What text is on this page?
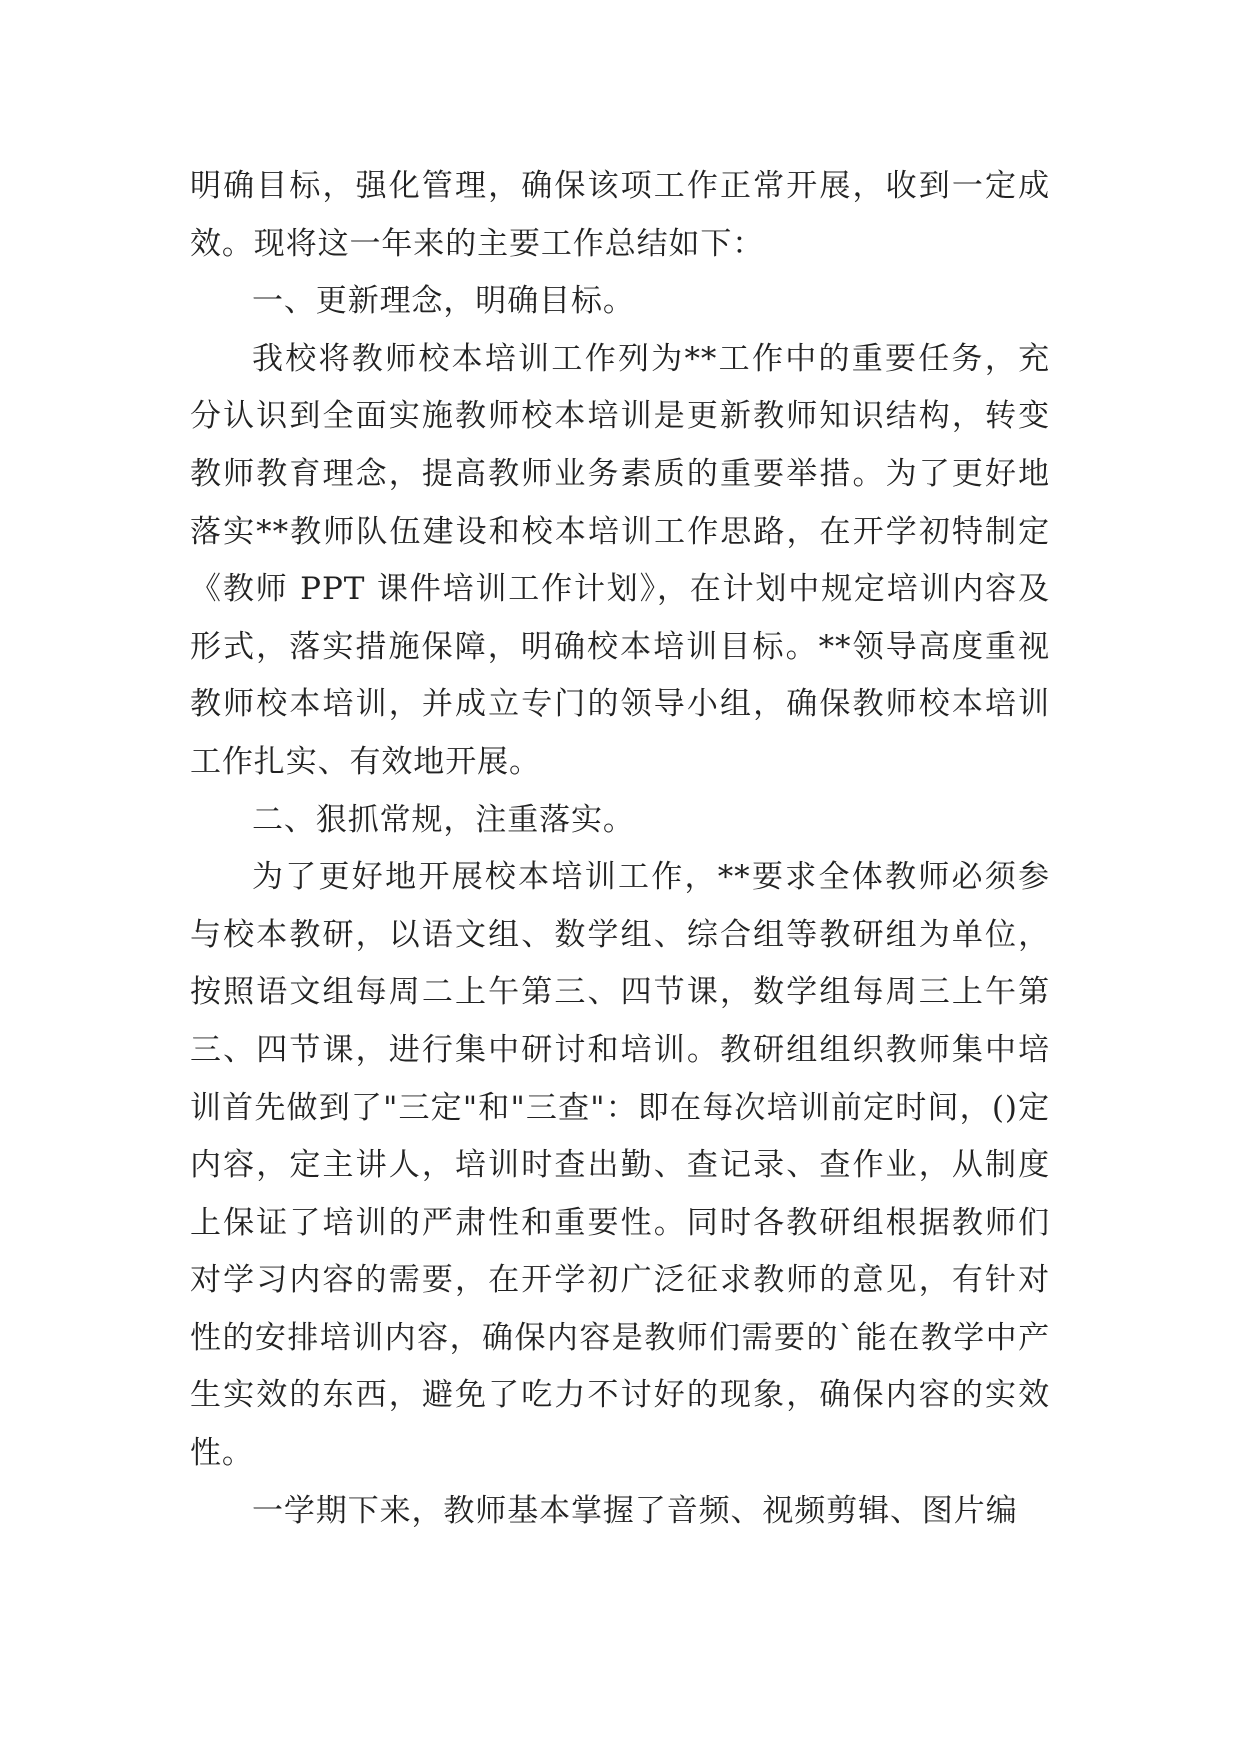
明确目标，强化管理，确保该项工作正常开展，收到一定成效。现将这一年来的主要工作总结如下：

一、更新理念，明确目标。

我校将教师校本培训工作列为**工作中的重要任务，充分认识到全面实施教师校本培训是更新教师知识结构，转变教师教育理念，提高教师业务素质的重要举措。为了更好地落实**教师队伍建设和校本培训工作思路，在开学初特制定《教师 PPT 课件培训工作计划》，在计划中规定培训内容及形式，落实措施保障，明确校本培训目标。**领导高度重视教师校本培训，并成立专门的领导小组，确保教师校本培训工作扎实、有效地开展。

二、狠抓常规，注重落实。

为了更好地开展校本培训工作，**要求全体教师必须参与校本教研，以语文组、数学组、综合组等教研组为单位，按照语文组每周二上午第三、四节课，数学组每周三上午第三、四节课，进行集中研讨和培训。教研组组织教师集中培训首先做到了"三定"和"三查"：即在每次培训前定时间，()定内容，定主讲人，培训时查出勤、查记录、查作业，从制度上保证了培训的严肃性和重要性。同时各教研组根据教师们对学习内容的需要，在开学初广泛征求教师的意见，有针对性的安排培训内容，确保内容是教师们需要的`能在教学中产生实效的东西，避免了吃力不讨好的现象，确保内容的实效性。

一学期下来，教师基本掌握了音频、视频剪辑、图片编
